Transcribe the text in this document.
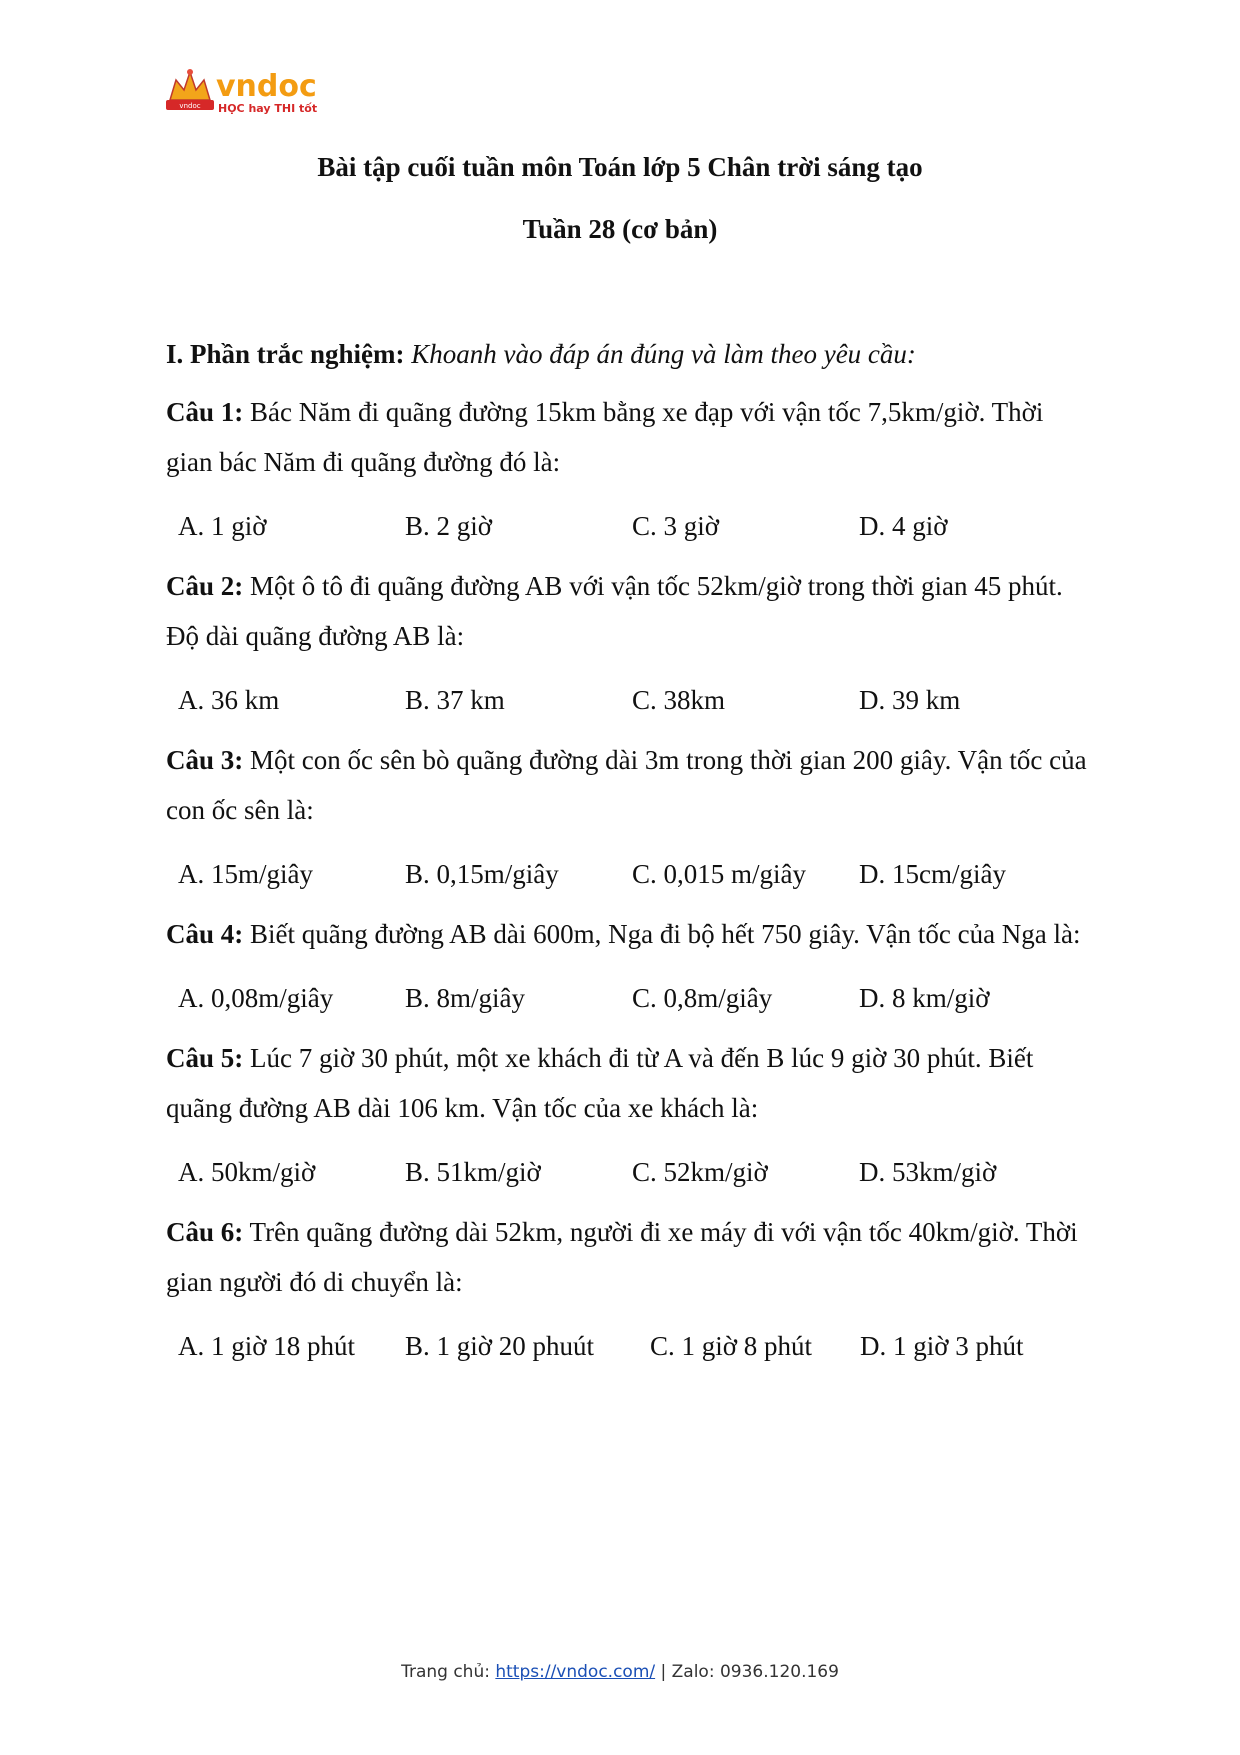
vndoc
vndoc
HỌC hay THI tốt
Bài tập cuối tuần môn Toán lớp 5 Chân trời sáng tạo
Tuần 28 (cơ bản)
I. Phần trắc nghiệm: Khoanh vào đáp án đúng và làm theo yêu cầu:
Câu 1: Bác Năm đi quãng đường 15km bằng xe đạp với vận tốc 7,5km/giờ. Thời gian bác Năm đi quãng đường đó là:
A. 1 giờ	B. 2 giờ	C. 3 giờ	D. 4 giờ
Câu 2: Một ô tô đi quãng đường AB với vận tốc 52km/giờ trong thời gian 45 phút. Độ dài quãng đường AB là:
A. 36 km	B. 37 km	C. 38km	D. 39 km
Câu 3: Một con ốc sên bò quãng đường dài 3m trong thời gian 200 giây. Vận tốc của con ốc sên là:
A. 15m/giây	B. 0,15m/giây	C. 0,015 m/giây	D. 15cm/giây
Câu 4: Biết quãng đường AB dài 600m, Nga đi bộ hết 750 giây. Vận tốc của Nga là:
A. 0,08m/giây	B. 8m/giây	C. 0,8m/giây	D. 8 km/giờ
Câu 5: Lúc 7 giờ 30 phút, một xe khách đi từ A và đến B lúc 9 giờ 30 phút. Biết quãng đường AB dài 106 km. Vận tốc của xe khách là:
A. 50km/giờ	B. 51km/giờ	C. 52km/giờ	D. 53km/giờ
Câu 6: Trên quãng đường dài 52km, người đi xe máy đi với vận tốc 40km/giờ. Thời gian người đó di chuyển là:
A. 1 giờ 18 phút	B. 1 giờ 20 phuút	C. 1 giờ 8 phút	D. 1 giờ 3 phút
Trang chủ: https://vndoc.com/ | Zalo: 0936.120.169
